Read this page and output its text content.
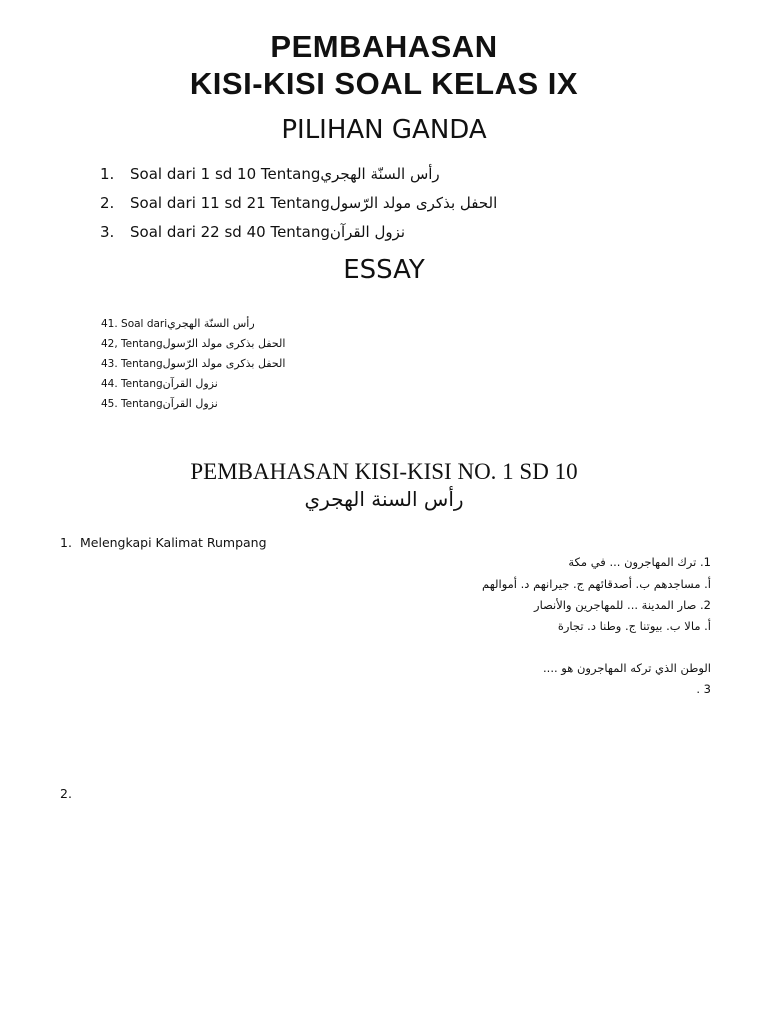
PEMBAHASAN
KISI-KISI SOAL KELAS IX
PILIHAN GANDA
1. Soal dari 1 sd 10 Tentangرأس السنّة الهجري
2. Soal dari 11 sd 21 Tentangالحفل بذكرى مولد الرّسول
3. Soal dari 22 sd 40 Tentangنزول القرآن
ESSAY
41. Soal dariرأس السنّة الهجري
42, Tentangالحفل بذكرى مولد الرّسول
43. Tentangالحفل بذكرى مولد الرّسول
44. Tentangنزول القرآن
45. Tentangنزول القرآن
PEMBAHASAN KISI-KISI NO. 1 SD 10
رأس السنة الهجري
1. Melengkapi Kalimat Rumpang
1. ترك المهاجرون ... في مكة
أ. مساجدهم ب. أصدقائهم ج. جيرانهم د. أموالهم
2. صار المدينة ... للمهاجرين والأنصار
أ. مالا ب. بيوتنا ج. وطنا د. تجارة
الوطن الذي تركه المهاجرون هو ....
3 .
2.
